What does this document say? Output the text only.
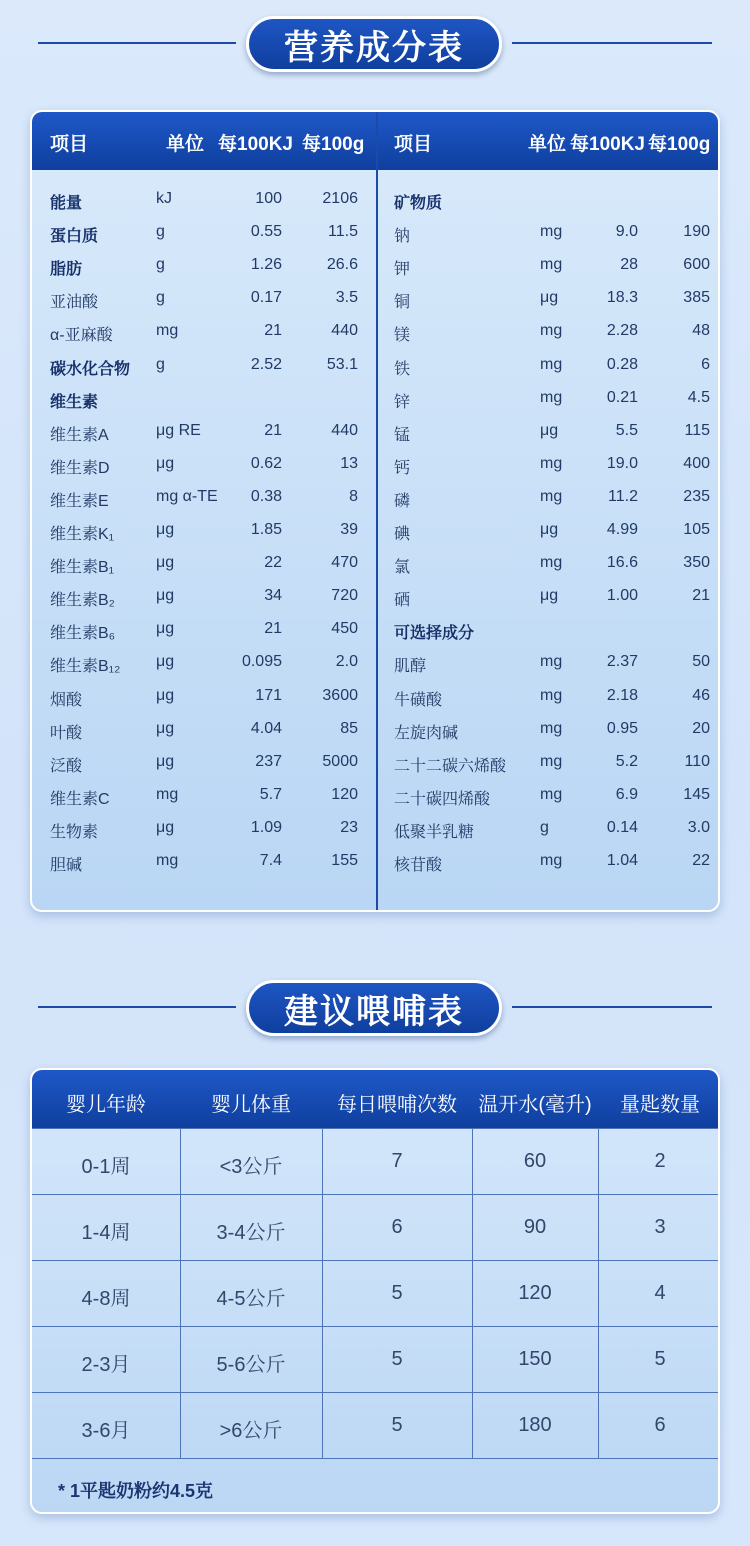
营养成分表
项目	单位 每100KJ 每100g 项目	单位 每100KJ 每100g
能量	kJ	100	2106
蛋白质	g	0.55	11.5
脂肪	g	1.26	26.6
亚油酸	g	0.17	3.5
α-亚麻酸	mg	21	440
碳水化合物 g	2.52	53.1
维生素
维生素A	μg RE	21	440
维生素D	μg	0.62	13
维生素E	mg α-TE 0.38	8
维生素K₁	μg	1.85	39
维生素B₁	μg	22	470
维生素B₂	μg	34	720
维生素B₆	μg	21	450
维生素B₁₂ μg	0.095	2.0
烟酸	μg	171	3600
叶酸	μg	4.04	85
泛酸	μg	237	5000
维生素C	mg	5.7	120
生物素	μg	1.09	23
胆碱	mg	7.4	155
矿物质
钠	mg	9.0	190
钾	mg	28	600
铜	μg	18.3	385
镁	mg	2.28	48
铁	mg	0.28	6
锌	mg	0.21	4.5
锰	μg	5.5	115
钙	mg	19.0	400
磷	mg	11.2	235
碘	μg	4.99	105
氯	mg	16.6	350
硒	μg	1.00	21
可选择成分
肌醇	mg	2.37	50
牛磺酸	mg	2.18	46
左旋肉碱	mg	0.95	20
二十二碳六烯酸 mg	5.2	110
二十碳四烯酸	mg	6.9	145
低聚半乳糖	g	0.14	3.0
核苷酸	mg	1.04	22
建议喂哺表
婴儿年龄	婴儿体重	每日喂哺次数	温开水(毫升)	量匙数量
0-1周	<3公斤	7	60	2
1-4周	3-4公斤	6	90	3
4-8周	4-5公斤	5	120	4
2-3月	5-6公斤	5	150	5
3-6月	>6公斤	5	180	6
* 1平匙奶粉约4.5克
